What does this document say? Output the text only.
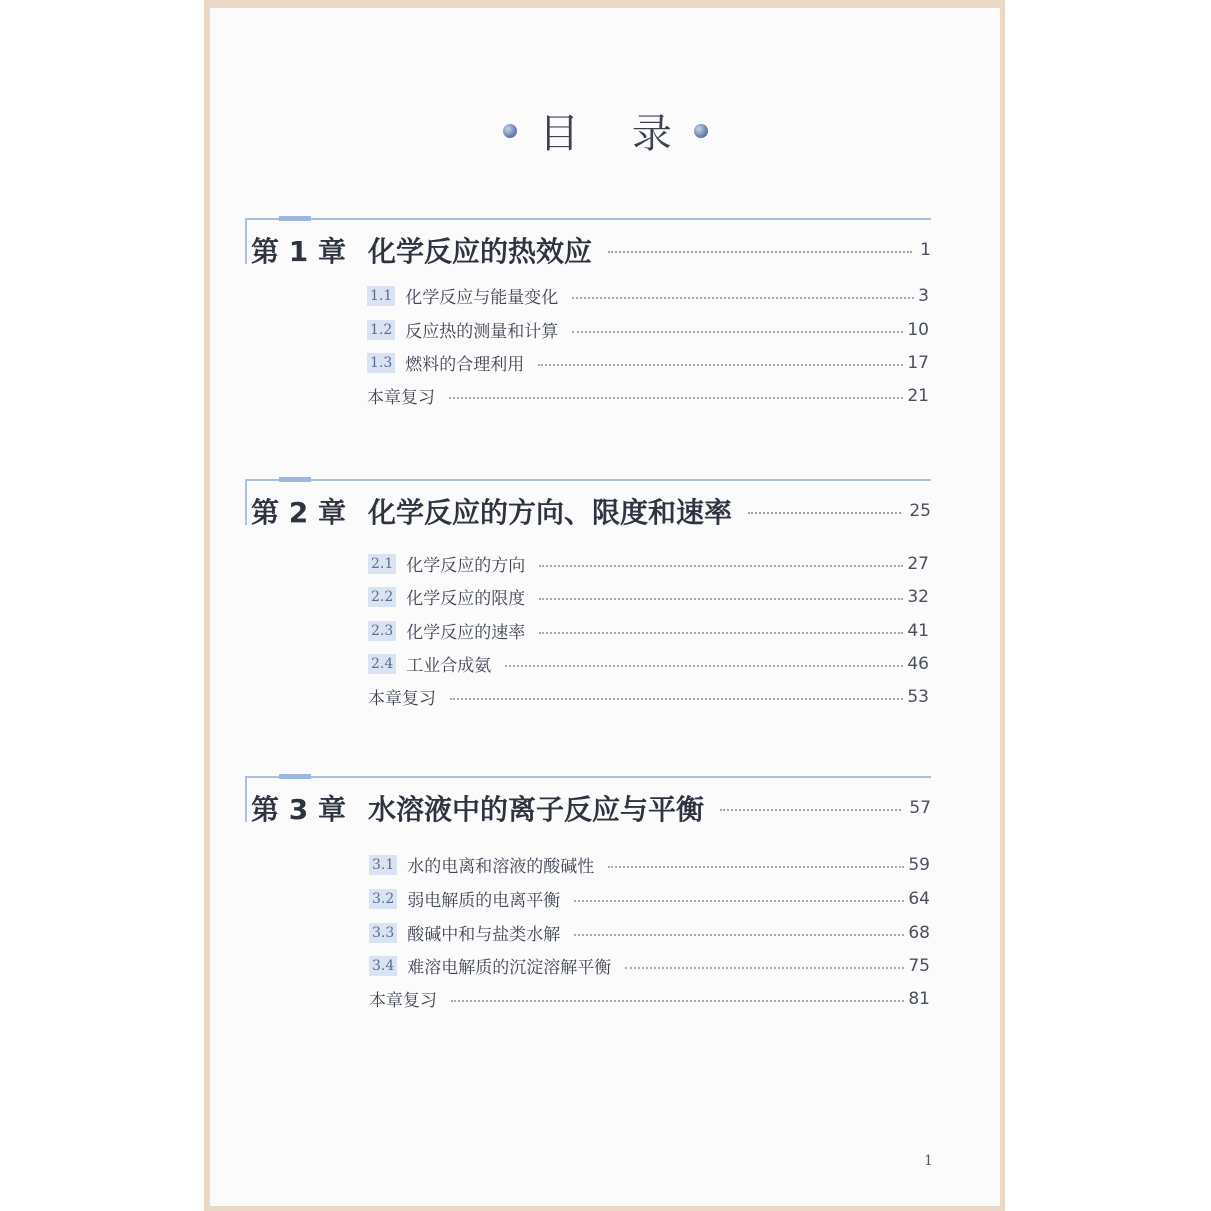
目 录
第 1 章 化学反应的热效应	1
1.1 化学反应与能量变化	3
1.2 反应热的测量和计算	10
1.3 燃料的合理利用	17
本章复习	21
第 2 章 化学反应的方向、限度和速率	25
2.1 化学反应的方向	27
2.2 化学反应的限度	32
2.3 化学反应的速率	41
2.4 工业合成氨	46
本章复习	53
第 3 章 水溶液中的离子反应与平衡	57
3.1 水的电离和溶液的酸碱性	59
3.2 弱电解质的电离平衡	64
3.3 酸碱中和与盐类水解	68
3.4 难溶电解质的沉淀溶解平衡	75
本章复习	81
1
